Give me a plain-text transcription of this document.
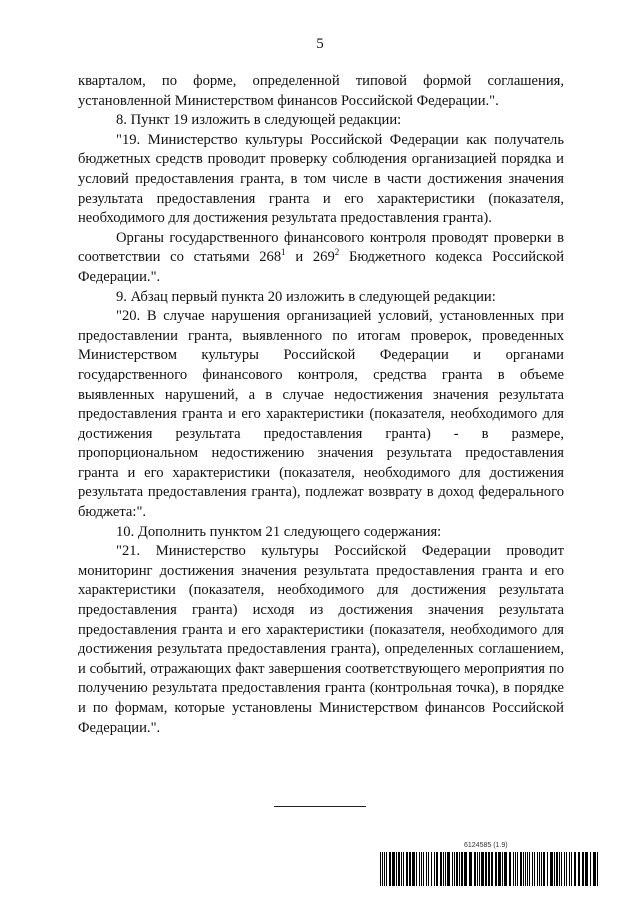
5

кварталом, по форме, определенной типовой формой соглашения, установленной Министерством финансов Российской Федерации.".

8. Пункт 19 изложить в следующей редакции:

"19. Министерство культуры Российской Федерации как получатель бюджетных средств проводит проверку соблюдения организацией порядка и условий предоставления гранта, в том числе в части достижения значения результата предоставления гранта и его характеристики (показателя, необходимого для достижения результата предоставления гранта).

Органы государственного финансового контроля проводят проверки в соответствии со статьями $268^1$ и $269^2$ Бюджетного кодекса Российской Федерации.".

9. Абзац первый пункта 20 изложить в следующей редакции:

"20. В случае нарушения организацией условий, установленных при предоставлении гранта, выявленного по итогам проверок, проведенных Министерством культуры Российской Федерации и органами государственного финансового контроля, средства гранта в объеме выявленных нарушений, а в случае недостижения значения результата предоставления гранта и его характеристики (показателя, необходимого для достижения результата предоставления гранта) - в размере, пропорциональном недостижению значения результата предоставления гранта и его характеристики (показателя, необходимого для достижения результата предоставления гранта), подлежат возврату в доход федерального бюджета:".

10. Дополнить пунктом 21 следующего содержания:

"21. Министерство культуры Российской Федерации проводит мониторинг достижения значения результата предоставления гранта и его характеристики (показателя, необходимого для достижения результата предоставления гранта) исходя из достижения значения результата предоставления гранта и его характеристики (показателя, необходимого для достижения результата предоставления гранта), определенных соглашением, и событий, отражающих факт завершения соответствующего мероприятия по получению результата предоставления гранта (контрольная точка), в порядке и по формам, которые установлены Министерством финансов Российской Федерации.".

6124585 (1.9)
